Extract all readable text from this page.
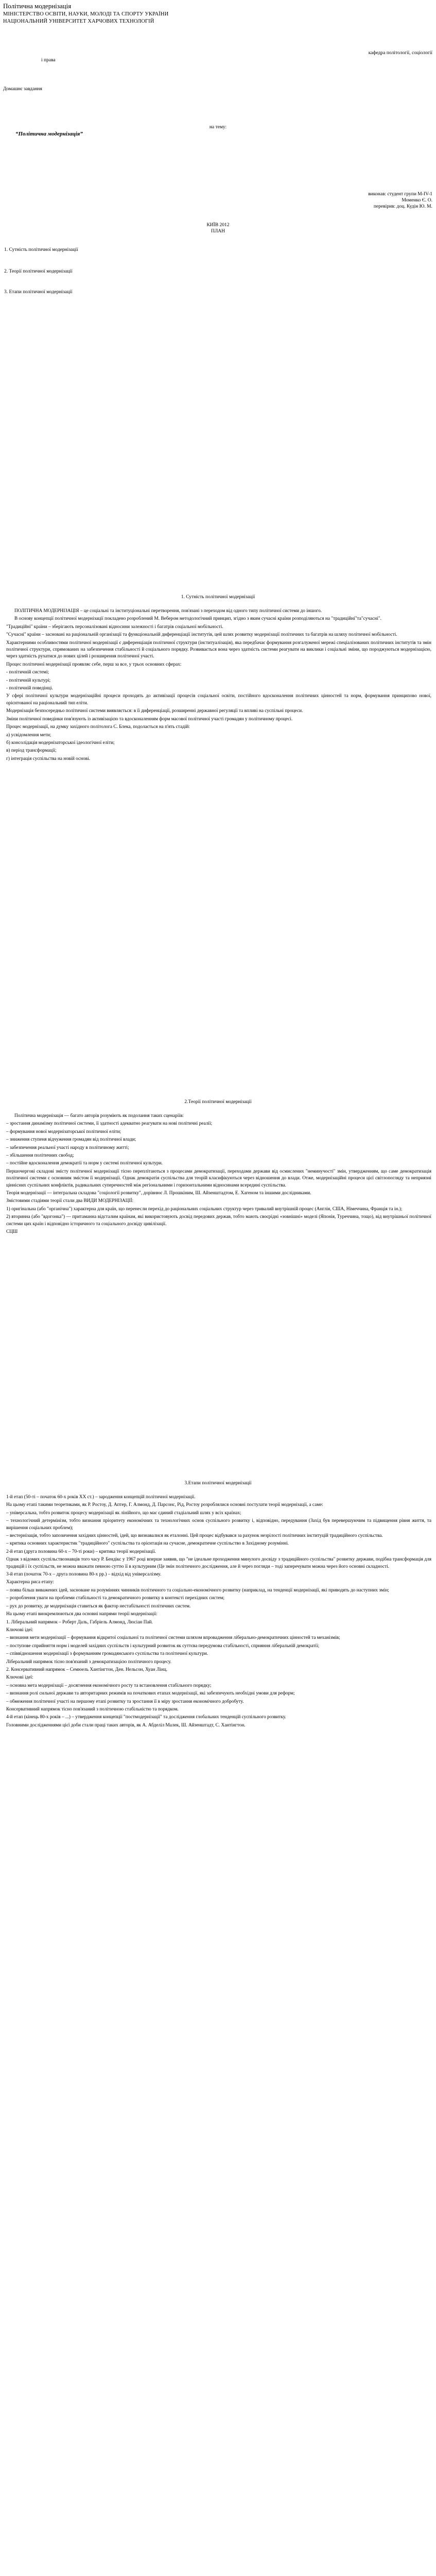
Політична модернізація
МІНІСТЕРСТВО ОСВІТИ, НАУКИ, МОЛОДІ ТА СПОРТУ УКРАЇНИ
НАЦІОНАЛЬНИЙ УНІВЕРСИТЕТ ХАРЧОВИХ ТЕХНОЛОГІЙ
кафедра політології, соціології
і права
Домашнє завдання
на тему:
“Політична модернізація”
виконав: студент групи М-IV-1
Моменко Є. О.
перевірив: доц. Кудін Ю. М.
КИЇВ 2012
ПЛАН
1. Сутність політичної модернізації
2. Теорії політичної модернізації
3. Етапи політичної модернізації
1. Сутність політичної модернізації

ПОЛІТИЧНА МОДЕРНІЗАЦІЯ – це соціальні та інституціональні перетворення, пов'язані з переходом від одного типу політичної системи до іншого.

В основу концепції політичної модернізації покладено розроблений М. Вебером методологічний принцип, згідно з яким сучасні країни розподіляються на "традиційні"та"сучасні".

"Традиційні" країни – зберігають персоналізовані відносини залежності і багатрів соціальної мобільності.

"Сучасні" країни – засновані на раціональній організації та функціональній диференціації інститутів, цей шлях розвитку модернізації політичних та багатрів на шляху політичної мобільності.

Характерними особливостями політичної модернізації є диференціація політичної структури (інституалізація), яка передбачає формування розгалуженої мережі спеціалізованих політичних інститутів та змін політичної структури, спрямованих на забезпечення стабільності й соціального порядку. Розвивається вона через здатність системи реагувати на виклики і соціальні зміни, що породжуються модернізацією, через здатність рухатися до нових цілей і розширення політичної участі.

Процес політичної модернізації проявляє себе, перш за все, у трьох основних сферах:

- політичній системі;

- політичній культурі;

- політичній поведінці.

У сфері політичної культури модернізаційні процеси проходять до активізації процесів соціальної освіти, постійного вдосконалення політичних цінностей та норм, формування принципово нової, орієнтованої на раціональний тип еліти.

Модернізація безпосередньо політичної системи виявляється: в її диференціації, розширенні державної регуляції та впливі на суспільні процеси.

Зміни політичної поведінки пов'язують із активізацією та вдосконаленням форм масової політичної участі громадян у політичному процесі.

Процес модернізації, на думку західного політолога С. Блека, подолається на п'ять стадій:

а) усвідомлення мети;

б) консолідація модернізаторської ідеологічної еліти;

в) період трансформації;

г) інтеграція суспільства на новій основі.

2.Теорії політичної модернізації

Політична модернізація — багато авторів розуміють як подолання таких сценаріїв:

– зростання динамізму політичної системи, її здатності адекватно реагувати на нові політичні реалії;

– формування нової модернізаторської політичної еліти;

– зниження ступеня відчуження громадян від політичної влади;

– забезпечення реальної участі народу в політичному житті;

– збільшення політичних свобод;

– постійне вдосконалення демократії та норм у системі політичної культури.

Першочергові складові змісту політичної модернізації тісно переплітаються з процесами демократизації, переходами держави від осмислених "неминучості" змін, утвердженням, що саме демократизація політичної системи є основним змістом її модернізації. Однак демократія суспільства для теорій класифікуються через відношення до влади. Отже, модернізаційні процеси цієї світлопогляду та неприязні ціннісних суспільних конфліктів, радикальних суперечностей між регіональними і горизонтальними відносинами всередині суспільства.

Теорія модернізації — інтегральна складова "соціології розвитку", дорівнює Л. Прошкіним, Ш. Айзенштадтом, Е. Хагеном та іншими дослідниками.

Змістовими стадіями теорії стали два ВИДИ МОДЕРНІЗАЦІЇ:

1) оригінальна (або "органічна") характерна для країн, що перенесли перехід до раціональних соціальних структур через тривалий внутрішній процес (Англія, США, Німеччина, Франція та ін.);

2) вторинна (або "вдогонка") — притаманна відсталим країнам, які використовують досвід передових держав, тобто мають своєрідні «зовнішні» моделі (Японія, Туреччина, тощо), від внутрішньої політичної системи цих країн і відповідно історичного та соціального досвіду цивілізації.

СЦШ

3.Етапи політичної модернізації

1-й етап (50-ті – початок 60-х років XX ст.) – зародження концепцій політичної модернізації.

На цьому етапі такими теоретиками, як Р. Ростоу, Д. Аптер, Г. Алмонд, Д. Парсонс, Рід, Ростоу розроблялися основні постулати теорії модернізації, а саме:

– універсальна, тобто розвиток процесу модернізації як лінійного, що має єдиний стадіальний шлях у всіх країнах;

– технологічний детермінізм, тобто визнання пріоритету економічних та технологічних основ суспільного розвитку і, відповідно, передування (Захід був перевершуючим та підвищення рівня життя, та вирішення соціальних проблем);

– вестернізація, тобто запозичення західних цінностей, ідей, що визнавалися як еталонні. Цей процес відбувався за рахунок незрілості політичних інституцій традиційного суспільства.

– критика основних характеристик "традиційного" суспільства та орієнтація на сучасне, демократичне суспільство в Західному розумінні.

2-й етап (друга половина 60-х – 70-ті роки) – критика теорії модернізації.

Однак з відомих суспільствознавців того часу Р. Бендікс у 1967 році вперше заявив, що "не ідеальне проходження минулого досвіду з традиційного суспільства" розвитку держави, подібна трансформація для традицій і їх суспільств, не можна вважати певною суттю її в культурним (Це змін політичного дослідження, але й через погляди – тоді заперечувати можна через його основні складності.

3-й етап (початок 70-х – друга половина 80-х рр.) – відхід від універсалізму.

Характерна риса етапу:

– поява більш виважених ідей, засноване на розуміннях чинників політичного та соціально-економічного розвитку (наприклад, на тенденції модернізації, які приводять до наступних змін;

– розроблення уваги на проблеми стабільності та демократичного розвитку в контексті перехідних систем;

– рух до розвитку, де модернізація ставиться як фактор нестабільності політичних систем.

На цьому етапі виокремлюються два основні напрями теорії модернізації:

1. Ліберальний напрямок – Роберт Даль, Габріель Алмонд, Люсіан Пай.

Ключові ідеї:

– визнання мети модернізації – формування відкритої соціальної та політичної системи шляхом впровадження ліберально-демократичних цінностей та механізмів;

– поступове сприйняття норм і моделей західних суспільств і культурний розвиток як суттєва передумова стабільності, сприяння ліберальній демократії;

– співвідношення модернізації з формуванням громадянського суспільства та політичної культури.

Ліберальний напрямок тісно пов'язаний з демократизацією політичного процесу.

2. Консервативний напрямок – Семюель Хантінгтон, Ден. Нельсон, Хуан Лінц.

Ключові ідеї:

– основна мета модернізації – досягнення економічного росту та встановлення стабільного порядку;

– визнання ролі сильної держави та авторитарних режимів на початкових етапах модернізації, які забезпечують необхідні умови для реформ;

– обмеження політичної участі на першому етапі розвитку та зростання її в міру зростання економічного добробуту.

Консервативний напрямок тісно пов'язаний з політичною стабільністю та порядком.

4-й етап (кінець 80-х років – ...) – утвердження концепції "постмодернізації" та дослідження глобальних тенденцій суспільного розвитку.

Головними дослідженнями цієї доби стали праці таких авторів, як А. Абделіл Малек, Ш. Айзенштадт, С. Хантінгтон.
